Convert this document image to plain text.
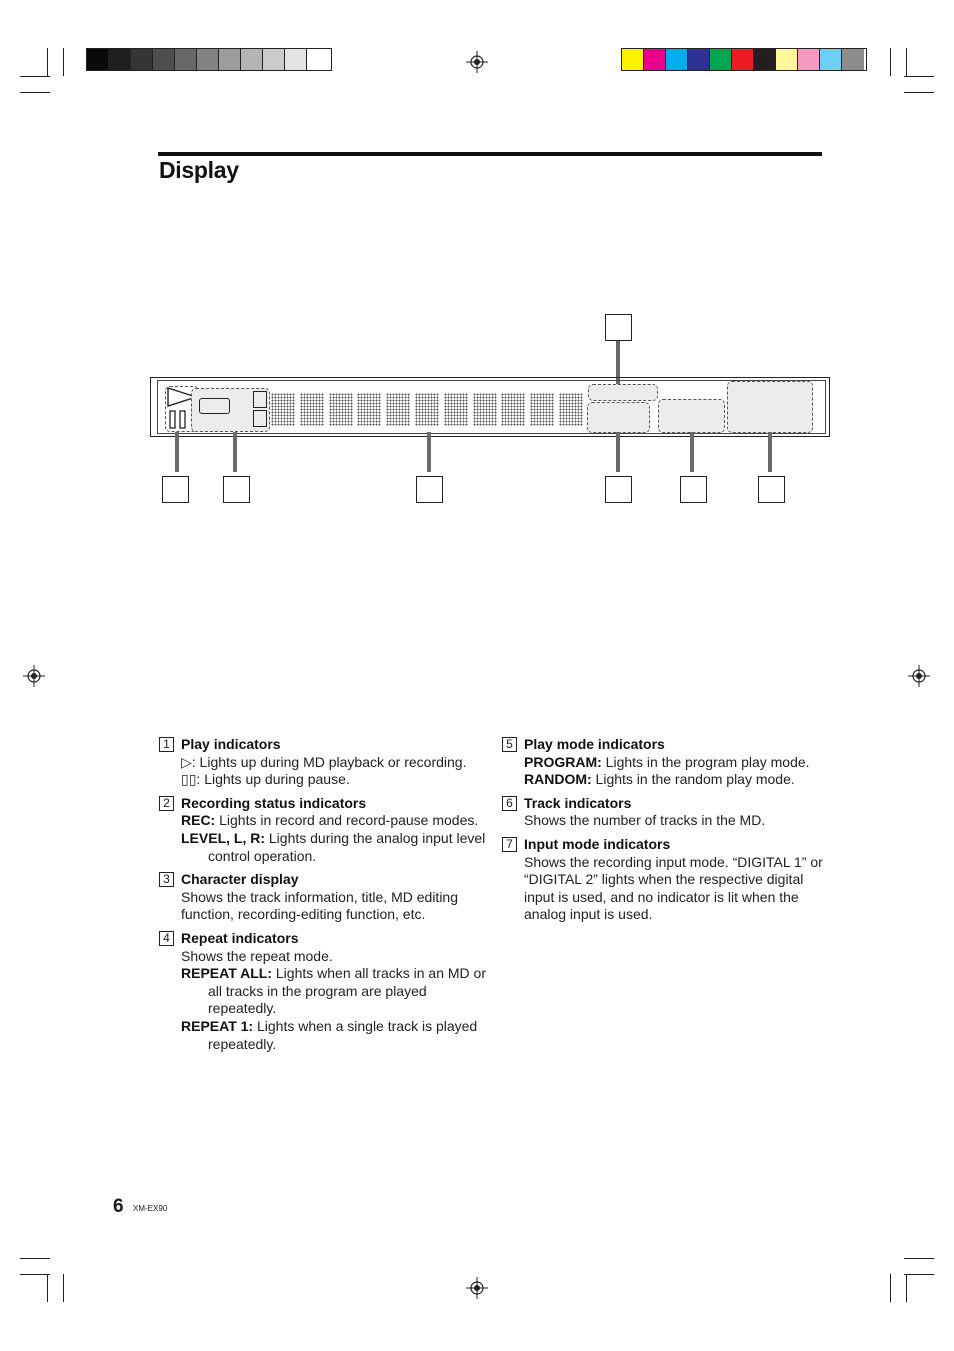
Display
1 Play indicators
▷: Lights up during MD playback or recording.
▯▯: Lights up during pause.
2 Recording status indicators
REC: Lights in record and record-pause modes.
LEVEL, L, R: Lights during the analog input level control operation.
3 Character display
Shows the track information, title, MD editing function, recording-editing function, etc.
4 Repeat indicators
Shows the repeat mode.
REPEAT ALL: Lights when all tracks in an MD or all tracks in the program are played repeatedly.
REPEAT 1: Lights when a single track is played repeatedly.
5 Play mode indicators
PROGRAM: Lights in the program play mode.
RANDOM: Lights in the random play mode.
6 Track indicators
Shows the number of tracks in the MD.
7 Input mode indicators
Shows the recording input mode. “DIGITAL 1” or “DIGITAL 2” lights when the respective digital input is used, and no indicator is lit when the analog input is used.
6 XM-EX90
